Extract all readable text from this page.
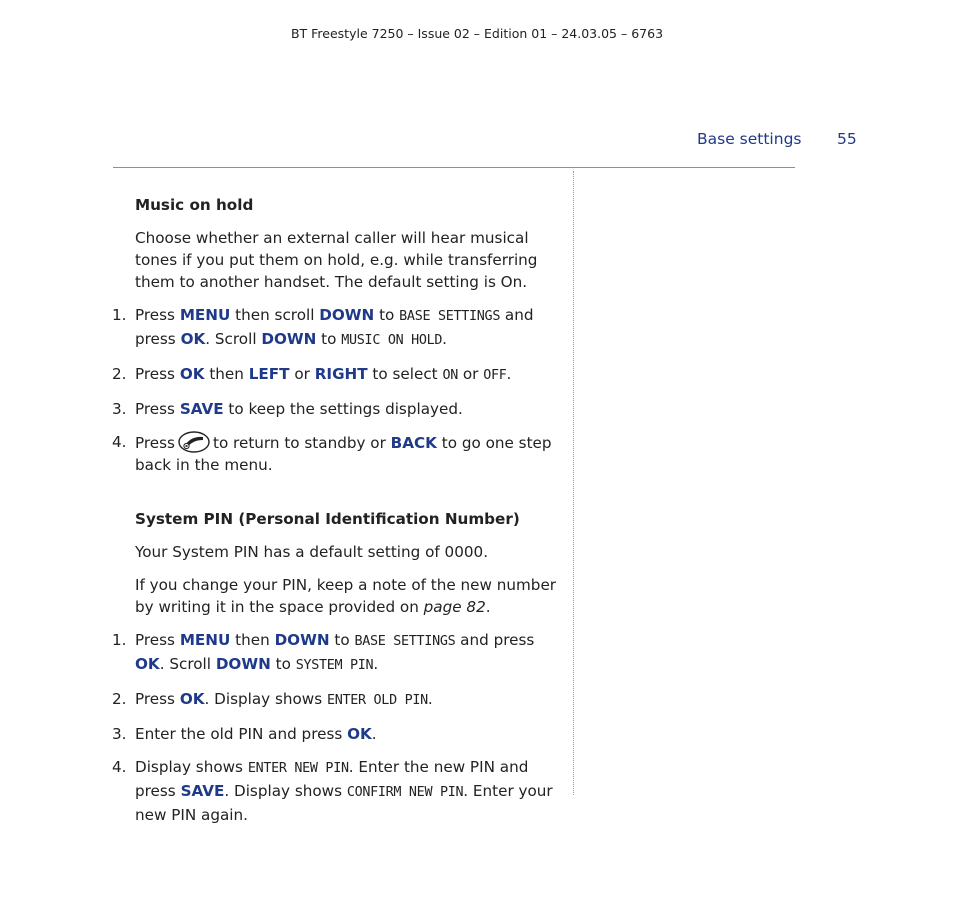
BT Freestyle 7250 – Issue 02 – Edition 01 – 24.03.05 – 6763
Base settings 55
Music on hold

Choose whether an external caller will hear musical tones if you put them on hold, e.g. while transferring them to another handset. The default setting is On.

1. Press MENU then scroll DOWN to BASE SETTINGS and press OK. Scroll DOWN to MUSIC ON HOLD.
2. Press OK then LEFT or RIGHT to select ON or OFF.
3. Press SAVE to keep the settings displayed.
4. Press	to return to standby or BACK to go one step back in the menu.
System PIN (Personal Identification Number)

Your System PIN has a default setting of 0000.

If you change your PIN, keep a note of the new number by writing it in the space provided on page 82.

1. Press MENU then DOWN to BASE SETTINGS and press OK. Scroll DOWN to SYSTEM PIN.
2. Press OK. Display shows ENTER OLD PIN.
3. Enter the old PIN and press OK.
4. Display shows ENTER NEW PIN. Enter the new PIN and press SAVE. Display shows CONFIRM NEW PIN. Enter your new PIN again.
